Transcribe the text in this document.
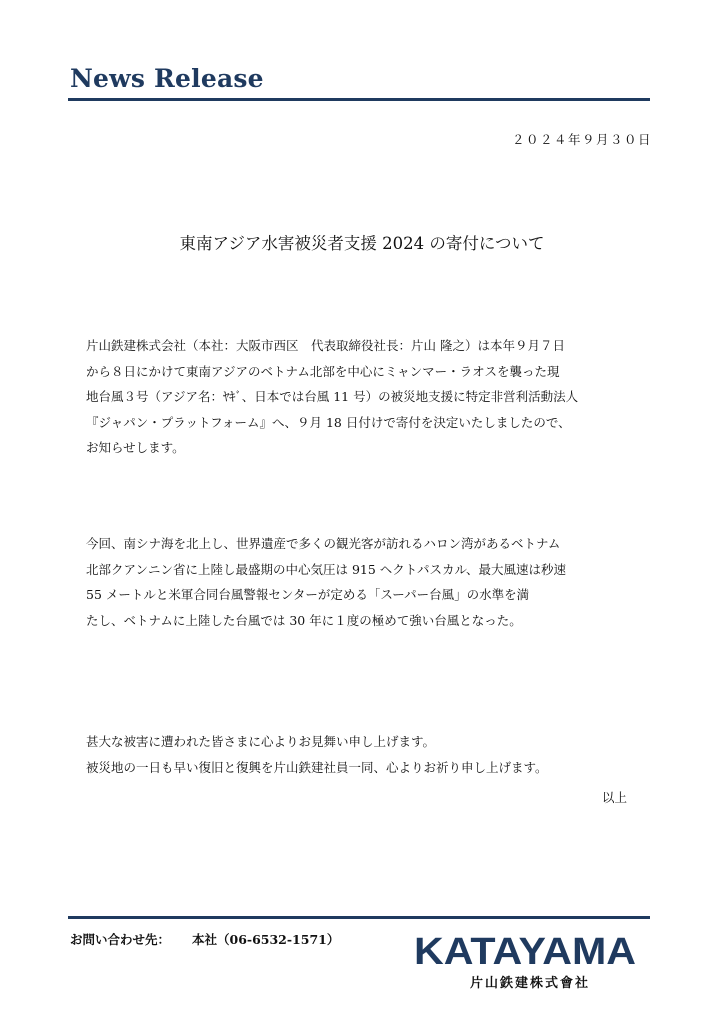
News Release
２０２４年９月３０日
東南アジア水害被災者支援 2024 の寄付について
片山鉄建株式会社（本社：大阪市西区　代表取締役社長：片山 隆之）は本年９月７日
から８日にかけて東南アジアのベトナム北部を中心にミャンマー・ラオスを襲った現
地台風３号（アジア名：ﾔｷﾞ、日本では台風 11 号）の被災地支援に特定非営利活動法人
『ジャパン・プラットフォーム』へ、９月 18 日付けで寄付を決定いたしましたので、
お知らせします。
今回、南シナ海を北上し、世界遺産で多くの観光客が訪れるハロン湾があるベトナム
北部クアンニン省に上陸し最盛期の中心気圧は 915 ヘクトパスカル、最大風速は秒速
55 メートルと米軍合同台風警報センターが定める「スーパー台風」の水準を満
たし、ベトナムに上陸した台風では 30 年に１度の極めて強い台風となった。
甚大な被害に遭われた皆さまに心よりお見舞い申し上げます。
被災地の一日も早い復旧と復興を片山鉄建社員一同、心よりお祈り申し上げます。
以上
お問い合わせ先： 本社（06-6532-1571） KATAYAMA
片山鉄建株式會社
